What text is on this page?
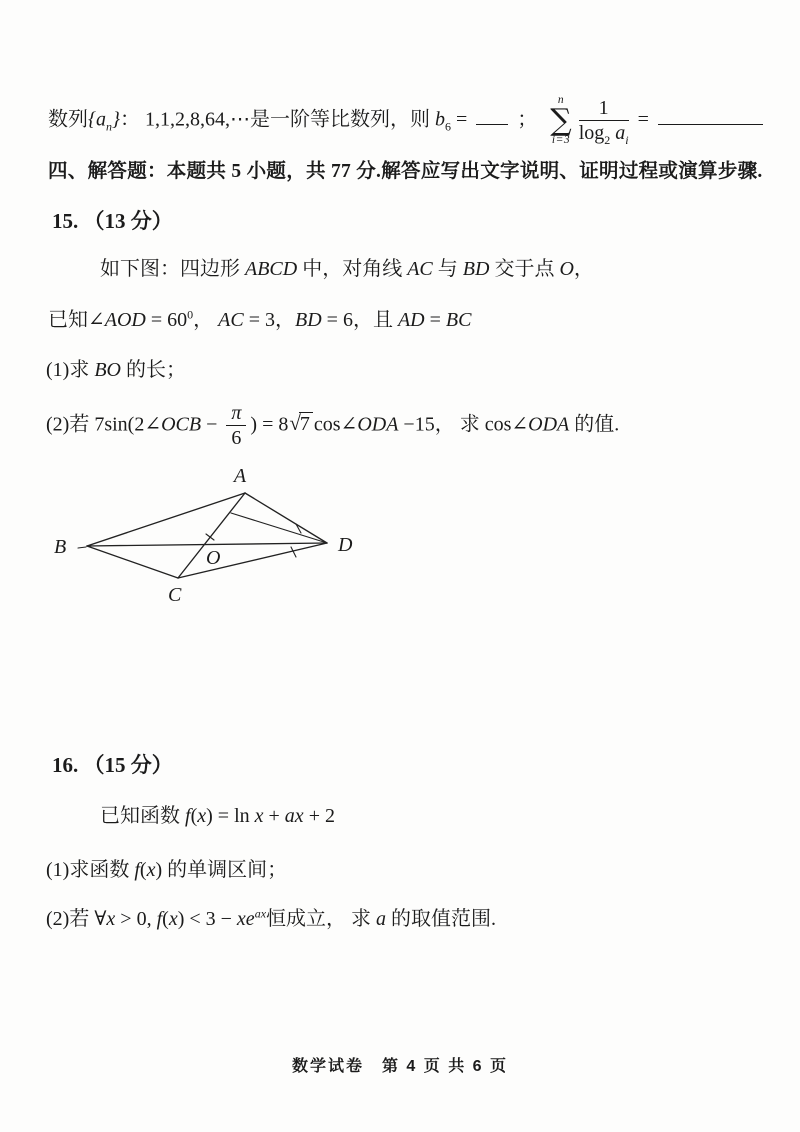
数列$\{a_n\}$： 1,1,2,8,64,⋯是一阶等比数列，则 $b_6$ =  ；
n
∑
$i=3 \frac{1}{\log_2 a_i}$ =
四、解答题：本题共 5 小题，共 77 分.解答应写出文字说明、证明过程或演算步骤.
15. （13 分）
如下图：四边形 ABCD 中，对角线 AC 与 BD 交于点 O，
已知∠AOD = $60^0$， AC = 3，BD = 6，且 AD = BC
(1)求 BO 的长；
(2)若 7sin(2∠OCB − $\frac{\pi}{6}$ ) = 8√7 cos∠ODA −15， 求 cos∠ODA 的值.
A
B
C
D
O
16. （15 分）
已知函数 f(x) = ln x + ax + 2
(1)求函数 f(x) 的单调区间；
(2)若 ∀x > 0, $f(x) < 3 - xe^{ax}$恒成立， 求 a 的取值范围.
数学试卷 第 4 页 共 6 页
